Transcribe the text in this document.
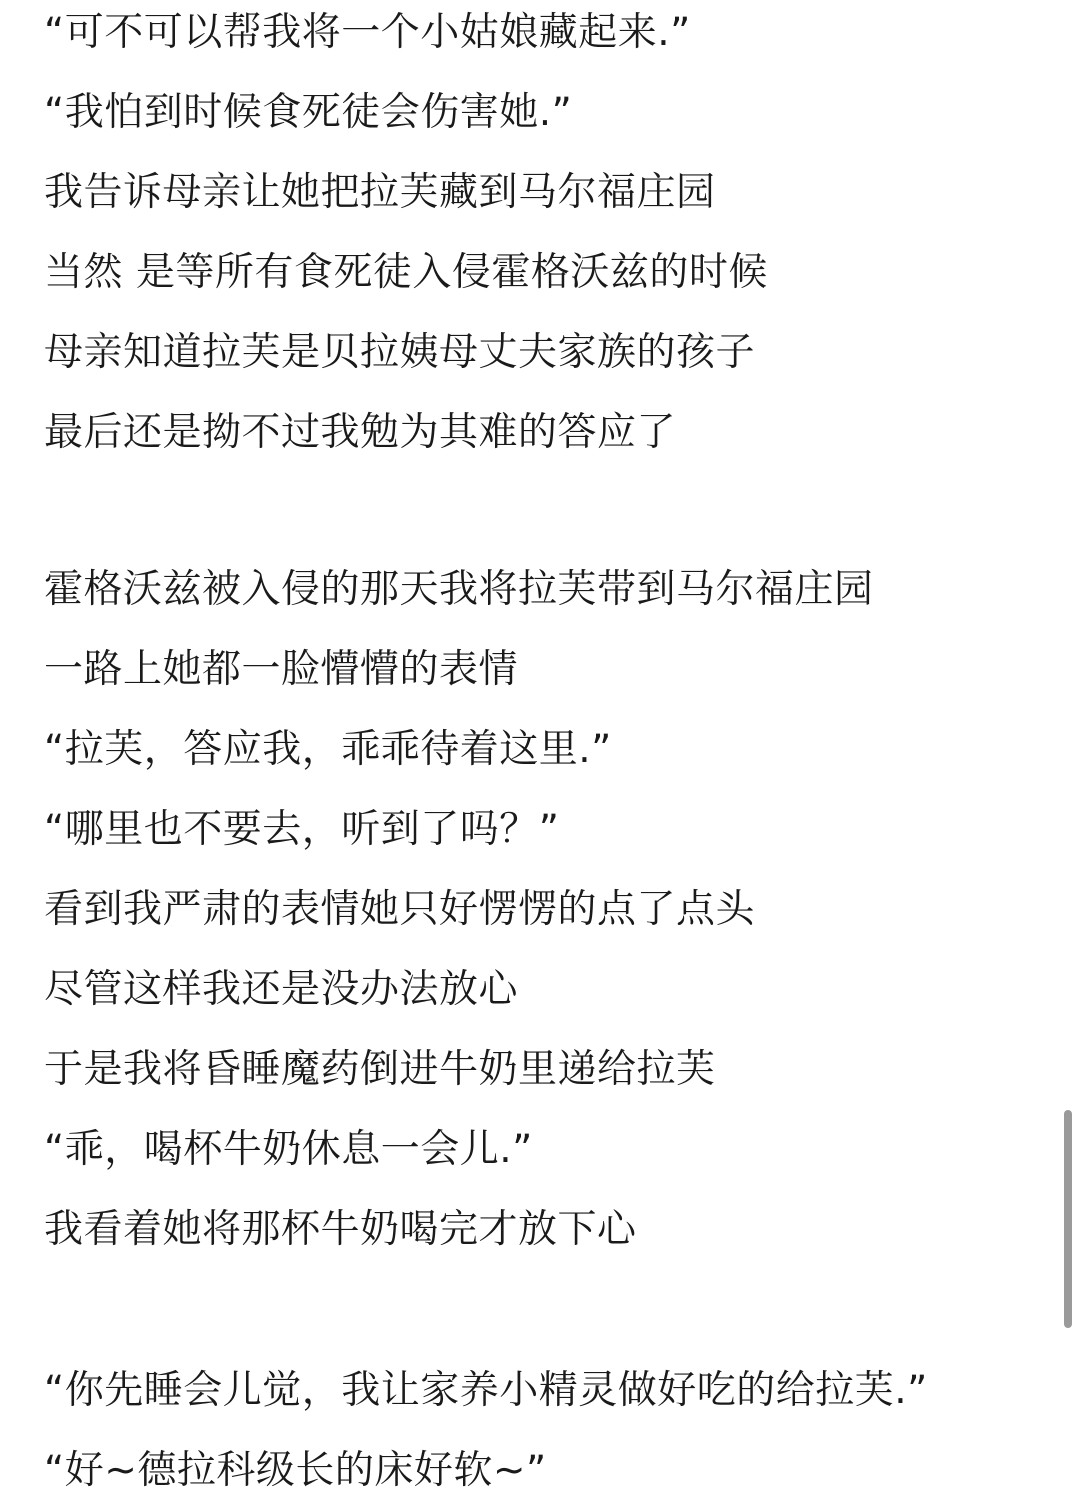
“可不可以帮我将一个小姑娘藏起来.”
“我怕到时候食死徒会伤害她.”
我告诉母亲让她把拉芙藏到马尔福庄园
当然 是等所有食死徒入侵霍格沃兹的时候
母亲知道拉芙是贝拉姨母丈夫家族的孩子
最后还是拗不过我勉为其难的答应了
霍格沃兹被入侵的那天我将拉芙带到马尔福庄园
一路上她都一脸懵懵的表情
“拉芙，答应我，乖乖待着这里.”
“哪里也不要去，听到了吗？”
看到我严肃的表情她只好愣愣的点了点头
尽管这样我还是没办法放心
于是我将昏睡魔药倒进牛奶里递给拉芙
“乖，喝杯牛奶休息一会儿.”
我看着她将那杯牛奶喝完才放下心
“你先睡会儿觉，我让家养小精灵做好吃的给拉芙.”
“好~德拉科级长的床好软~”
